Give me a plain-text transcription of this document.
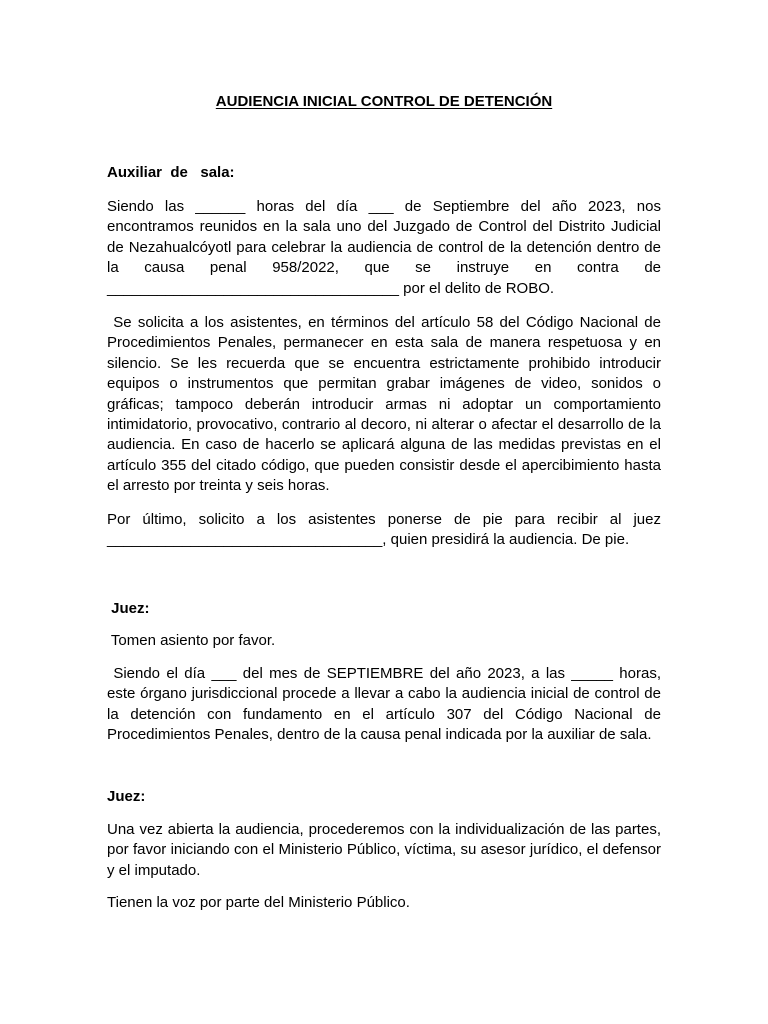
AUDIENCIA INICIAL CONTROL DE DETENCIÓN

Auxiliar  de   sala:

Siendo las ______ horas del día ___ de Septiembre del año 2023, nos encontramos reunidos en la sala uno del Juzgado de Control del Distrito Judicial de Nezahualcóyotl para celebrar la audiencia de control de la detención dentro de la causa penal 958/2022, que se instruye en contra de ___________________________________ por el delito de ROBO.

Se solicita a los asistentes, en términos del artículo 58 del Código Nacional de Procedimientos Penales, permanecer en esta sala de manera respetuosa y en silencio. Se les recuerda que se encuentra estrictamente prohibido introducir equipos o instrumentos que permitan grabar imágenes de video, sonidos o gráficas; tampoco deberán introducir armas ni adoptar un comportamiento intimidatorio, provocativo, contrario al decoro, ni alterar o afectar el desarrollo de la audiencia. En caso de hacerlo se aplicará alguna de las medidas previstas en el artículo 355 del citado código, que pueden consistir desde el apercibimiento hasta el arresto por treinta y seis horas.

Por último, solicito a los asistentes ponerse de pie para recibir al juez _________________________________, quien presidirá la audiencia. De pie.

Juez:

Tomen asiento por favor.

Siendo el día ___ del mes de SEPTIEMBRE del año 2023, a las _____ horas, este órgano jurisdiccional procede a llevar a cabo la audiencia inicial de control de la detención con fundamento en el artículo 307 del Código Nacional de Procedimientos Penales, dentro de la causa penal indicada por la auxiliar de sala.

Juez:

Una vez abierta la audiencia, procederemos con la individualización de las partes, por favor iniciando con el Ministerio Público, víctima, su asesor jurídico, el defensor y el imputado.

Tienen la voz por parte del Ministerio Público.
